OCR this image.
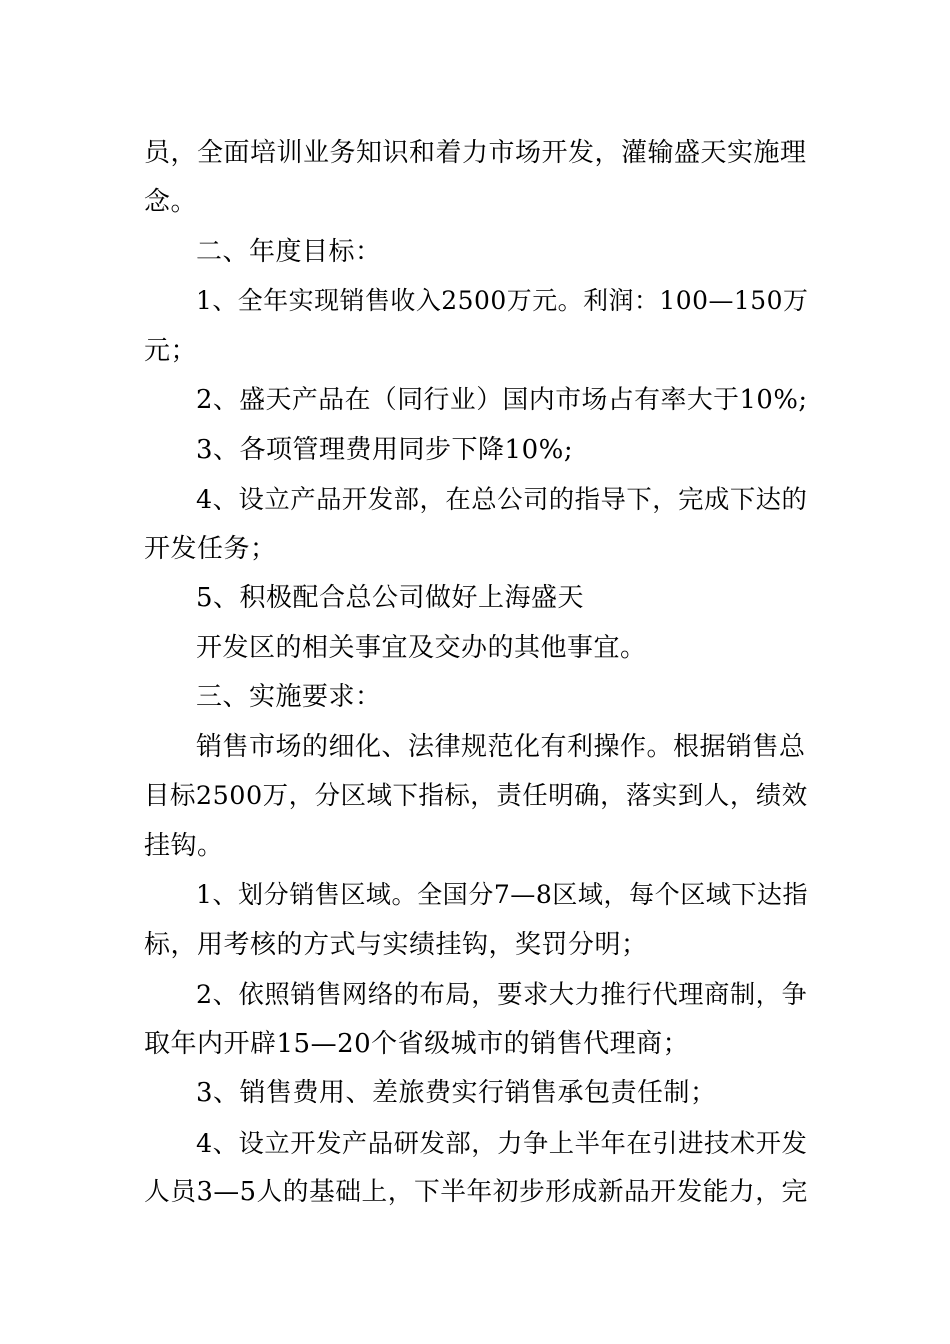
员，全面培训业务知识和着力市场开发，灌输盛天实施理
念。
二、年度目标：
1、全年实现销售收入2500万元。利润：100—150万
元；
2、盛天产品在（同行业）国内市场占有率大于10%;
3、各项管理费用同步下降10%;
4、设立产品开发部，在总公司的指导下，完成下达的
开发任务；
5、积极配合总公司做好上海盛天
开发区的相关事宜及交办的其他事宜。
三、实施要求：
销售市场的细化、法律规范化有利操作。根据销售总
目标2500万，分区域下指标，责任明确，落实到人，绩效
挂钩。
1、划分销售区域。全国分7—8区域，每个区域下达指
标，用考核的方式与实绩挂钩，奖罚分明；
2、依照销售网络的布局，要求大力推行代理商制，争
取年内开辟15—20个省级城市的销售代理商；
3、销售费用、差旅费实行销售承包责任制；
4、设立开发产品研发部，力争上半年在引进技术开发
人员3—5人的基础上，下半年初步形成新品开发能力，完
